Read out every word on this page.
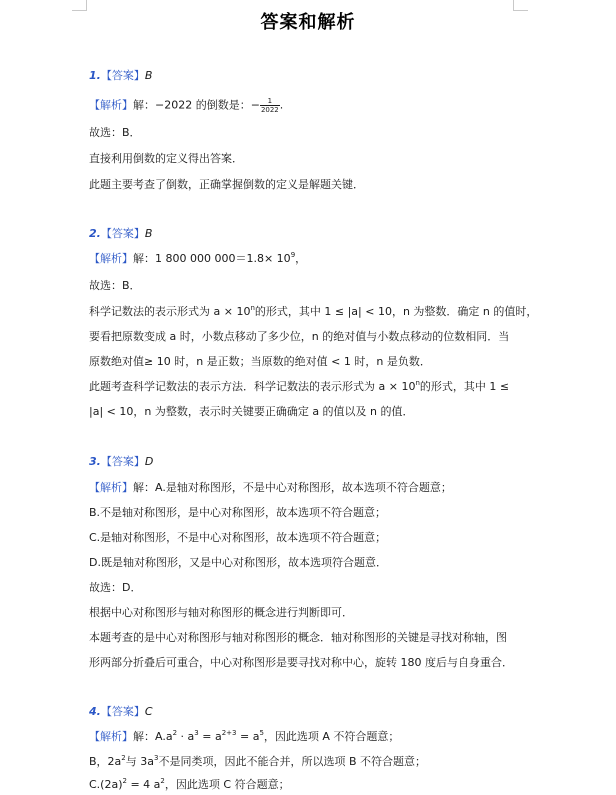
答案和解析
1.【答案】B
【解析】解：−2022 的倒数是：− $\frac{1}{2022}$ .
故选：B．
直接利用倒数的定义得出答案．
此题主要考查了倒数，正确掌握倒数的定义是解题关键．
2.【答案】B
【解析】解：1 800 000 $000=1.8\times 10^9$，
故选：B．
科学记数法的表示形式为 $a \times 10^n$的形式，其中 1 ≤ |a| < 10，n 为整数．确定 n 的值时，
要看把原数变成 a 时，小数点移动了多少位，n 的绝对值与小数点移动的位数相同．当
原数绝对值≥ 10 时，n 是正数；当原数的绝对值 < 1 时，n 是负数．
此题考查科学记数法的表示方法．科学记数法的表示形式为 $a \times 10^n$的形式，其中 1 ≤
|a| < 10，n 为整数，表示时关键要正确确定 a 的值以及 n 的值．
3.【答案】D
【解析】解：A.是轴对称图形，不是中心对称图形，故本选项不符合题意；
B.不是轴对称图形，是中心对称图形，故本选项不符合题意；
C.是轴对称图形，不是中心对称图形，故本选项不符合题意；
D.既是轴对称图形，又是中心对称图形，故本选项符合题意．
故选：D．
根据中心对称图形与轴对称图形的概念进行判断即可．
本题考查的是中心对称图形与轴对称图形的概念．轴对称图形的关键是寻找对称轴，图
形两部分折叠后可重合，中心对称图形是要寻找对称中心，旋转 180 度后与自身重合．
4.【答案】C
【解析】解：$A.a^2 \cdot a^3 = a^{2+3} = a^5$，因此选项 A 不符合题意；
B，$2a^2$与 $3a^3$不是同类项，因此不能合并，所以选项 B 不符合题意；
$C.(2a)^2 = 4$ $a^2$，因此选项 C 符合题意；
